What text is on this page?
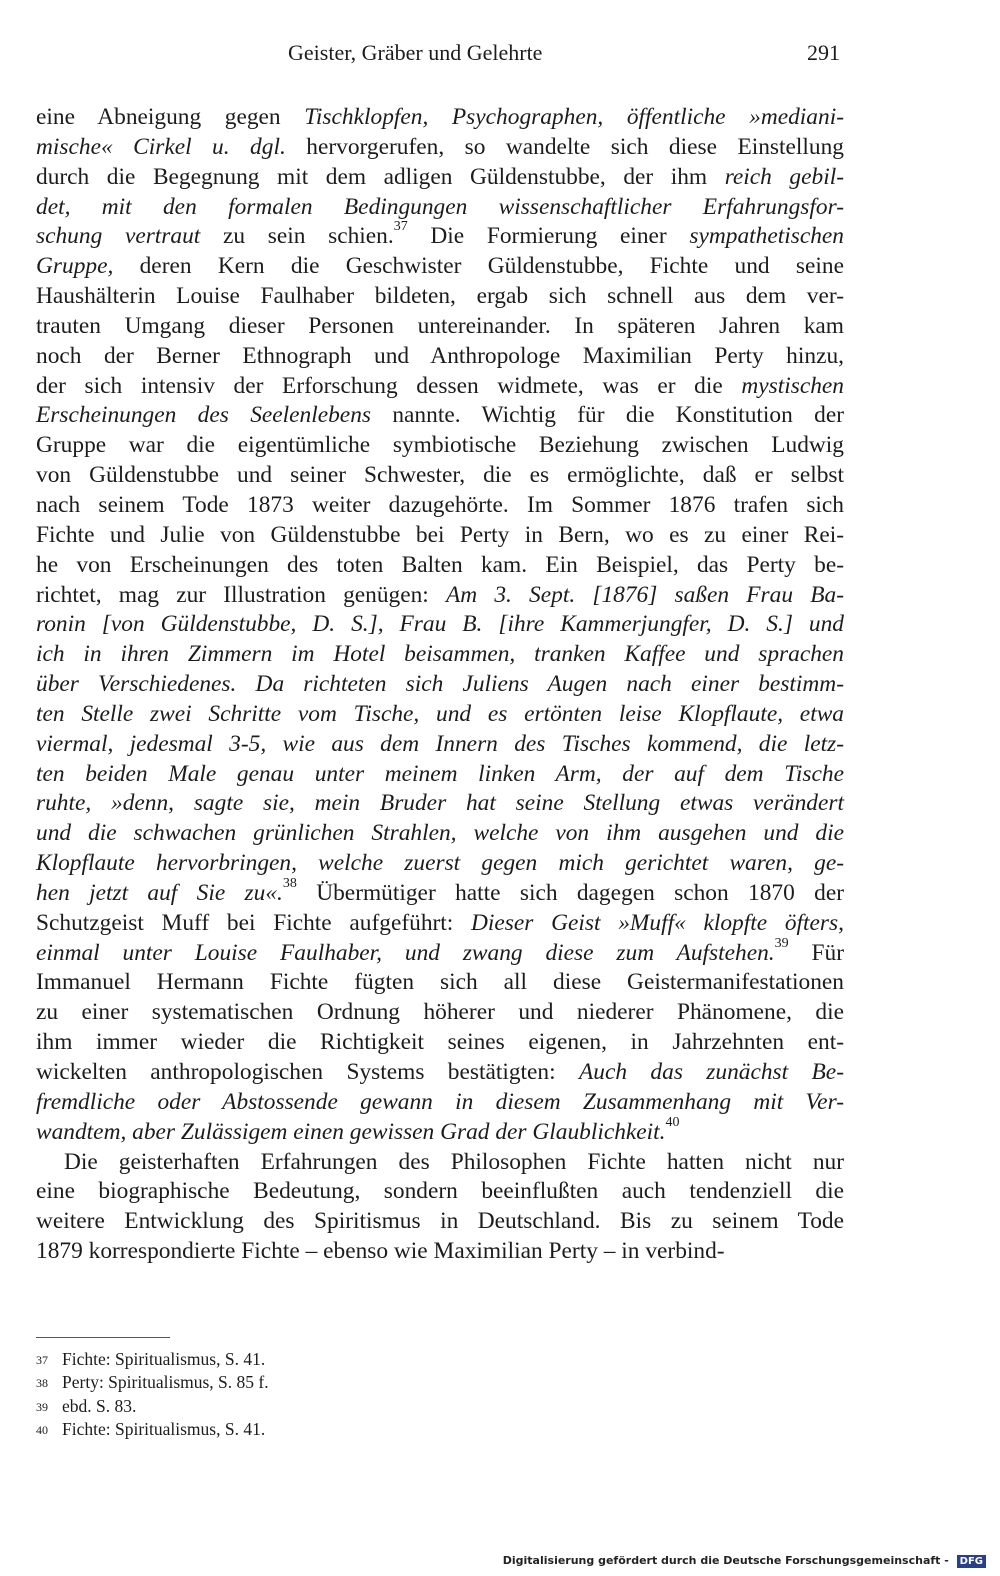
Geister, Gräber und Gelehrte	291
eine Abneigung gegen Tischklopfen, Psychographen, öffentliche »mediani-
mische« Cirkel u. dgl. hervorgerufen, so wandelte sich diese Einstellung
durch die Begegnung mit dem adligen Güldenstubbe, der ihm reich gebil-
det, mit den formalen Bedingungen wissenschaftlicher Erfahrungsfor-
schung vertraut zu sein schien.$^{37}$ Die Formierung einer sympathetischen
Gruppe, deren Kern die Geschwister Güldenstubbe, Fichte und seine
Haushälterin Louise Faulhaber bildeten, ergab sich schnell aus dem ver-
trauten Umgang dieser Personen untereinander. In späteren Jahren kam
noch der Berner Ethnograph und Anthropologe Maximilian Perty hinzu,
der sich intensiv der Erforschung dessen widmete, was er die mystischen
Erscheinungen des Seelenlebens nannte. Wichtig für die Konstitution der
Gruppe war die eigentümliche symbiotische Beziehung zwischen Ludwig
von Güldenstubbe und seiner Schwester, die es ermöglichte, daß er selbst
nach seinem Tode 1873 weiter dazugehörte. Im Sommer 1876 trafen sich
Fichte und Julie von Güldenstubbe bei Perty in Bern, wo es zu einer Rei-
he von Erscheinungen des toten Balten kam. Ein Beispiel, das Perty be-
richtet, mag zur Illustration genügen: Am 3. Sept. [1876] saßen Frau Ba-
ronin [von Güldenstubbe, D. S.], Frau B. [ihre Kammerjungfer, D. S.] und
ich in ihren Zimmern im Hotel beisammen, tranken Kaffee und sprachen
über Verschiedenes. Da richteten sich Juliens Augen nach einer bestimm-
ten Stelle zwei Schritte vom Tische, und es ertönten leise Klopflaute, etwa
viermal, jedesmal 3-5, wie aus dem Innern des Tisches kommend, die letz-
ten beiden Male genau unter meinem linken Arm, der auf dem Tische
ruhte, »denn, sagte sie, mein Bruder hat seine Stellung etwas verändert
und die schwachen grünlichen Strahlen, welche von ihm ausgehen und die
Klopflaute hervorbringen, welche zuerst gegen mich gerichtet waren, ge-
hen jetzt auf Sie zu«.$^{38}$ Übermütiger hatte sich dagegen schon 1870 der
Schutzgeist Muff bei Fichte aufgeführt: Dieser Geist »Muff« klopfte öfters,
einmal unter Louise Faulhaber, und zwang diese zum Aufstehen.$^{39}$ Für
Immanuel Hermann Fichte fügten sich all diese Geistermanifestationen
zu einer systematischen Ordnung höherer und niederer Phänomene, die
ihm immer wieder die Richtigkeit seines eigenen, in Jahrzehnten ent-
wickelten anthropologischen Systems bestätigten: Auch das zunächst Be-
fremdliche oder Abstossende gewann in diesem Zusammenhang mit Ver-
wandtem, aber Zulässigem einen gewissen Grad der Glaublichkeit.$^{40}$
Die geisterhaften Erfahrungen des Philosophen Fichte hatten nicht nur
eine biographische Bedeutung, sondern beeinflußten auch tendenziell die
weitere Entwicklung des Spiritismus in Deutschland. Bis zu seinem Tode
1879 korrespondierte Fichte – ebenso wie Maximilian Perty – in verbind-
37 Fichte: Spiritualismus, S. 41.
38 Perty: Spiritualismus, S. 85 f.
39 ebd. S. 83.
40 Fichte: Spiritualismus, S. 41.
Digitalisierung gefördert durch die Deutsche Forschungsgemeinschaft - DFG
